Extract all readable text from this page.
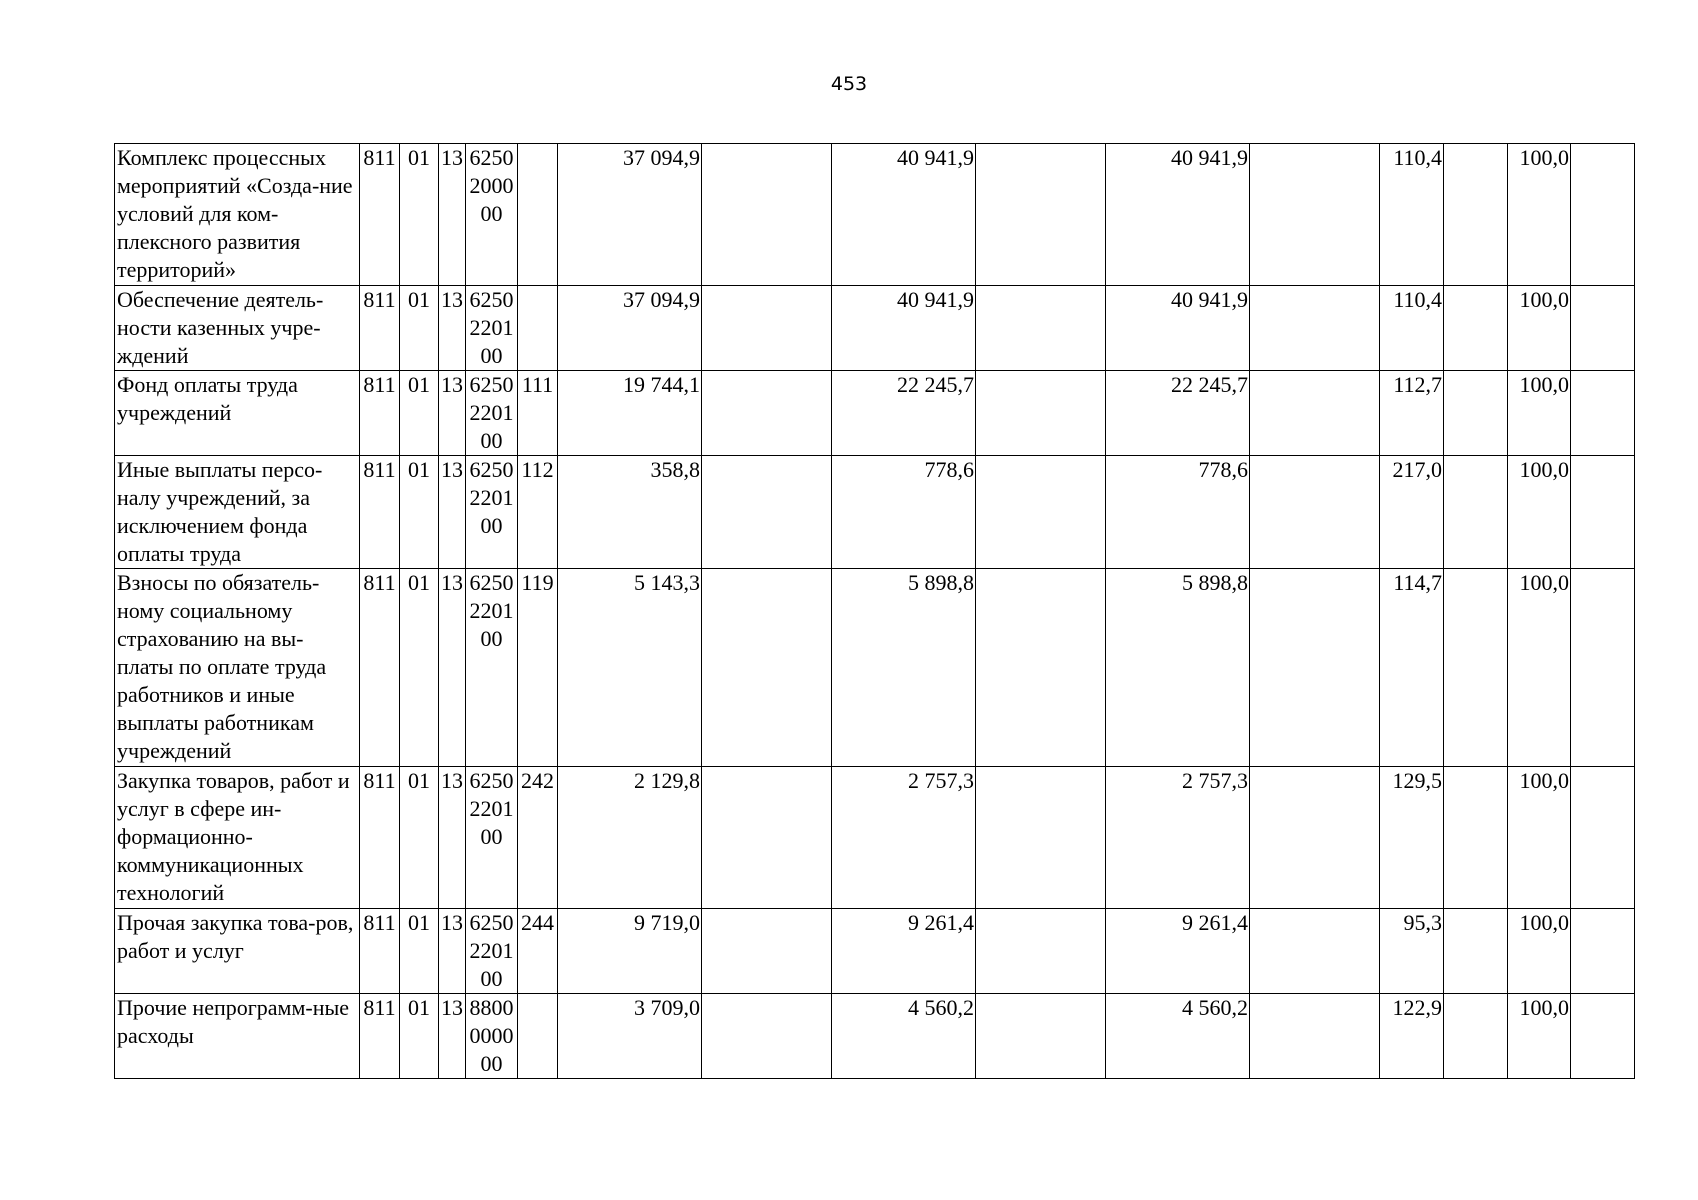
453
Комплекс процессных мероприятий «Созда-ние условий для ком-плексного развития территорий»	811	01	13	6250 2000 00		37 094,9		40 941,9		40 941,9		110,4		100,0	
Обеспечение деятель-ности казенных учре-ждений	811	01	13	6250 2201 00		37 094,9		40 941,9		40 941,9		110,4		100,0	
Фонд оплаты труда учреждений	811	01	13	6250 2201 00	111	19 744,1		22 245,7		22 245,7		112,7		100,0	
Иные выплаты персо-налу учреждений, за исключением фонда оплаты труда	811	01	13	6250 2201 00	112	358,8		778,6		778,6		217,0		100,0	
Взносы по обязатель-ному социальному страхованию на вы-платы по оплате труда работников и иные выплаты работникам учреждений	811	01	13	6250 2201 00	119	5 143,3		5 898,8		5 898,8		114,7		100,0	
Закупка товаров, работ и услуг в сфере ин-формационно-коммуникационных технологий	811	01	13	6250 2201 00	242	2 129,8		2 757,3		2 757,3		129,5		100,0	
Прочая закупка това-ров, работ и услуг	811	01	13	6250 2201 00	244	9 719,0		9 261,4		9 261,4		95,3		100,0	
Прочие непрограмм-ные расходы	811	01	13	8800 0000 00		3 709,0		4 560,2		4 560,2		122,9		100,0	
